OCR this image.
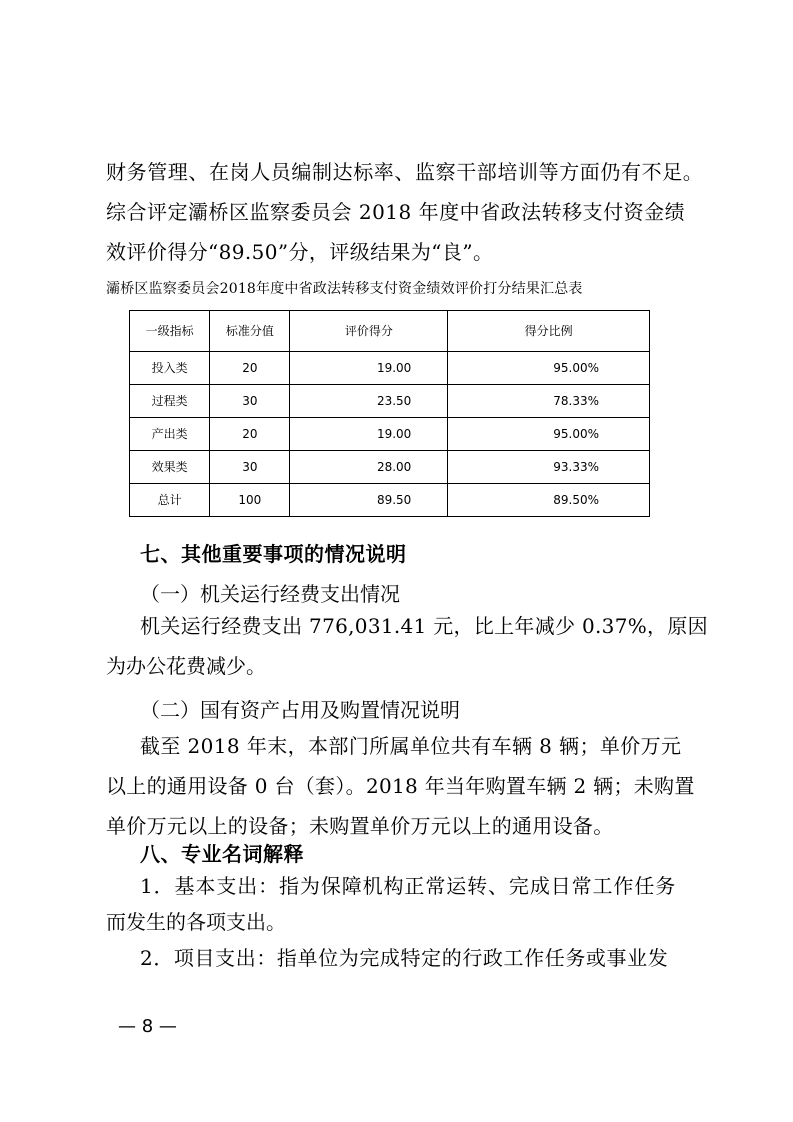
财务管理、在岗人员编制达标率、监察干部培训等方面仍有不足。
综合评定灞桥区监察委员会 2018 年度中省政法转移支付资金绩
效评价得分“89.50”分，评级结果为“良”。
灞桥区监察委员会2018年度中省政法转移支付资金绩效评价打分结果汇总表
一级指标	标准分值	评价得分	得分比例
投入类	20	19.00	95.00%
过程类	30	23.50	78.33%
产出类	20	19.00	95.00%
效果类	30	28.00	93.33%
总计	100	89.50	89.50%
七、其他重要事项的情况说明
（一）机关运行经费支出情况
机关运行经费支出 776,031.41 元，比上年减少 0.37%，原因
为办公花费减少。
（二）国有资产占用及购置情况说明
截至 2018 年末，本部门所属单位共有车辆 8 辆；单价万元
以上的通用设备 0 台（套）。2018 年当年购置车辆 2 辆；未购置
单价万元以上的设备；未购置单价万元以上的通用设备。
八、专业名词解释
1．基本支出：指为保障机构正常运转、完成日常工作任务
而发生的各项支出。
2．项目支出：指单位为完成特定的行政工作任务或事业发
— 8 —
